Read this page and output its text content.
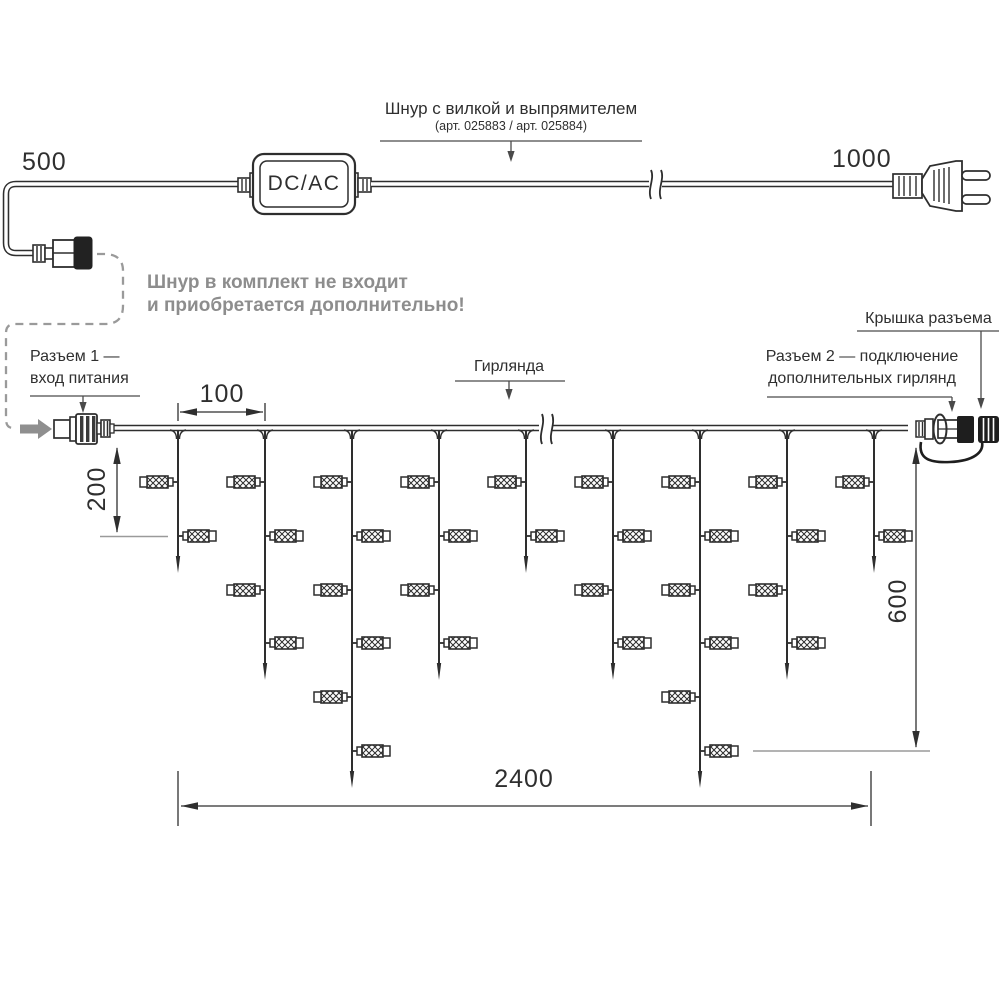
500	1000
DC/AC
Шнур с вилкой и выпрямителем
(арт. 025883 / арт. 025884)
Шнур в комплект не входит
и приобретается дополнительно!
Разъем 1 —
вход питания
Гирлянда
Разъем 2 — подключение
дополнительных гирлянд
Крышка разъема
100
200
600
2400
